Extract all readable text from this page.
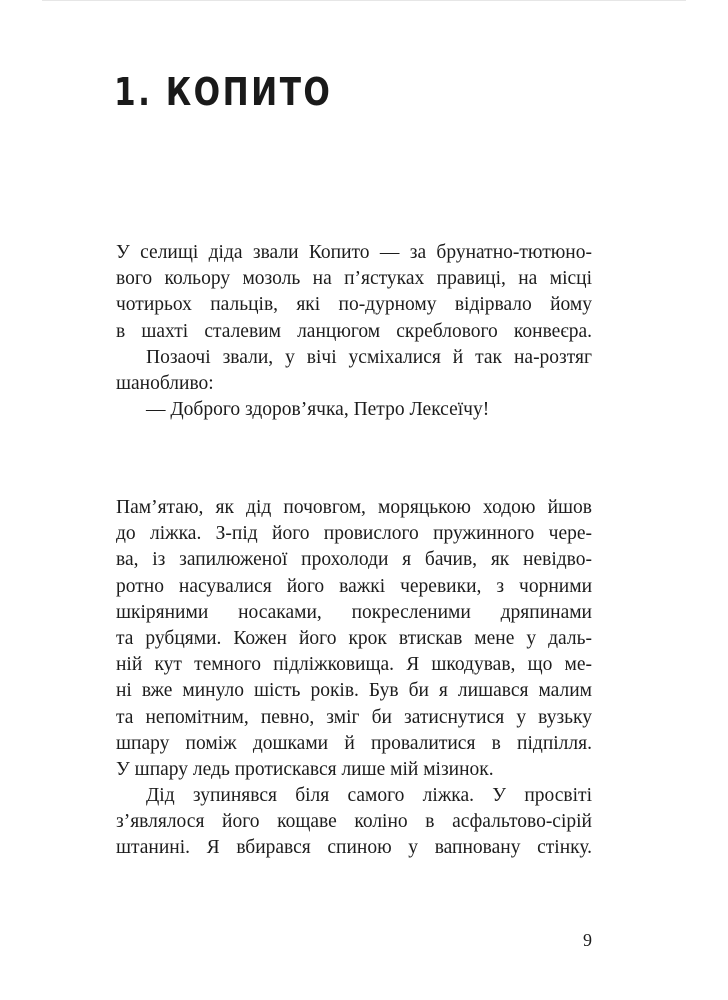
1. КОПИТО
У селищі діда звали Копито — за брунатно-тютюно-
вого кольору мозоль на п’ястуках правиці, на місці
чотирьох пальців, які по-дурному відірвало йому
в шахті сталевим ланцюгом скреблового конвеєра.
Позаочі звали, у вічі усміхалися й так на-розтяг
шанобливо:
— Доброго здоров’ячка, Петро Лексеїчу!
Пам’ятаю, як дід почовгом, моряцькою ходою йшов
до ліжка. З-під його провислого пружинного чере-
ва, із запилюженої прохолоди я бачив, як невідво-
ротно насувалися його важкі черевики, з чорними
шкіряними носаками, покресленими дряпинами
та рубцями. Кожен його крок втискав мене у даль-
ній кут темного підліжковища. Я шкодував, що ме-
ні вже минуло шість років. Був би я лишався малим
та непомітним, певно, зміг би затиснутися у вузьку
шпару поміж дошками й провалитися в підпілля.
У шпару ледь протискався лише мій мізинок.
Дід зупинявся біля самого ліжка. У просвіті
з’являлося його кощаве коліно в асфальтово-сірій
штанині. Я вбирався спиною у вапновану стінку.
9
